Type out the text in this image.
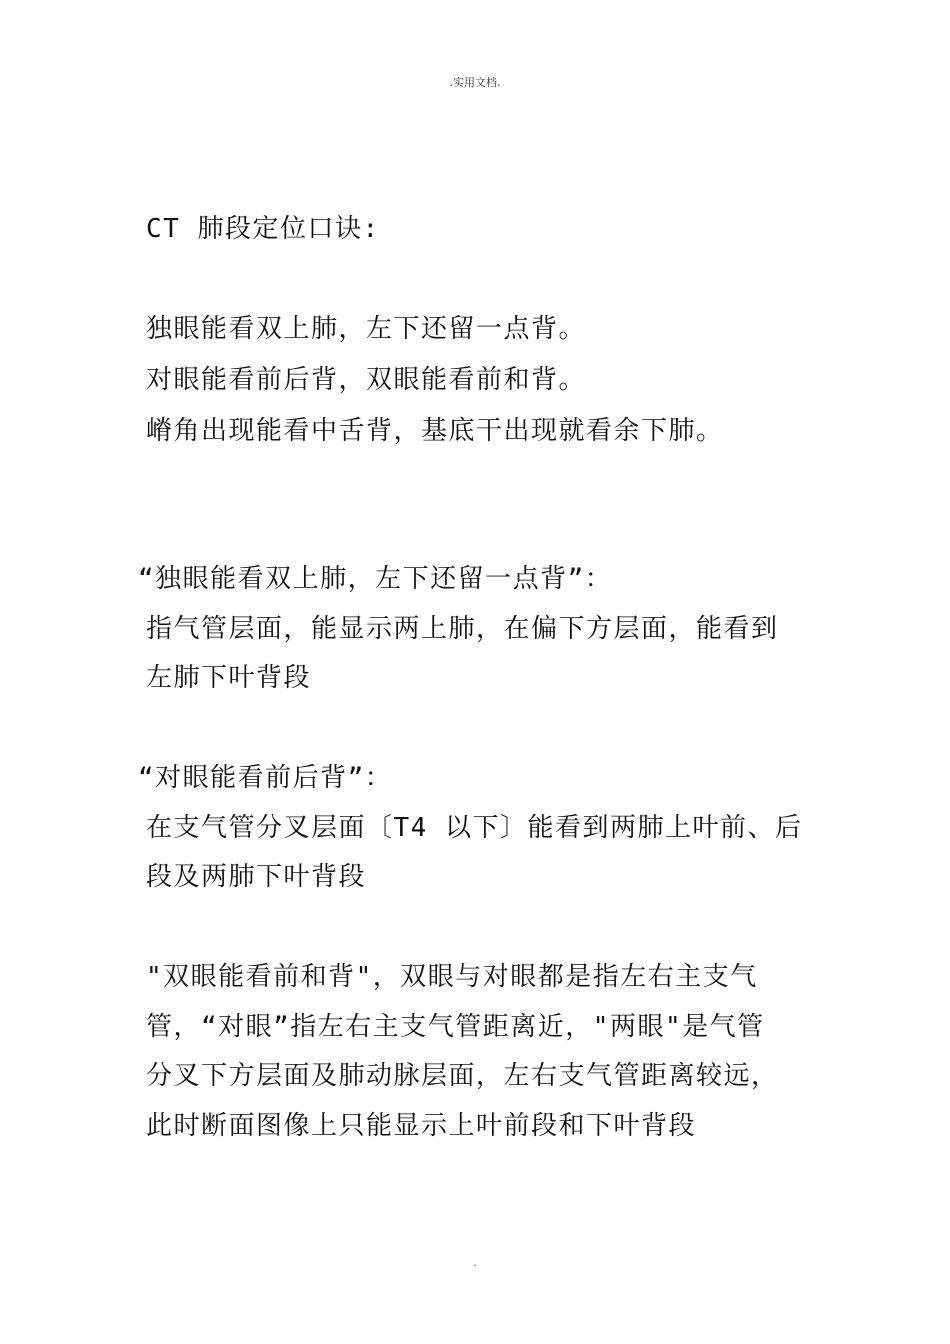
.实用文档.
CT 肺段定位口诀:
独眼能看双上肺，左下还留一点背。
对眼能看前后背，双眼能看前和背。
嵴角出现能看中舌背，基底干出现就看余下肺。
“独眼能看双上肺，左下还留一点背”：
指气管层面，能显示两上肺，在偏下方层面，能看到
左肺下叶背段
“对眼能看前后背”：
在支气管分叉层面〔T4 以下〕能看到两肺上叶前、后
段及两肺下叶背段
"双眼能看前和背"，双眼与对眼都是指左右主支气
管，“对眼”指左右主支气管距离近，"两眼"是气管
分叉下方层面及肺动脉层面，左右支气管距离较远，
此时断面图像上只能显示上叶前段和下叶背段
.
